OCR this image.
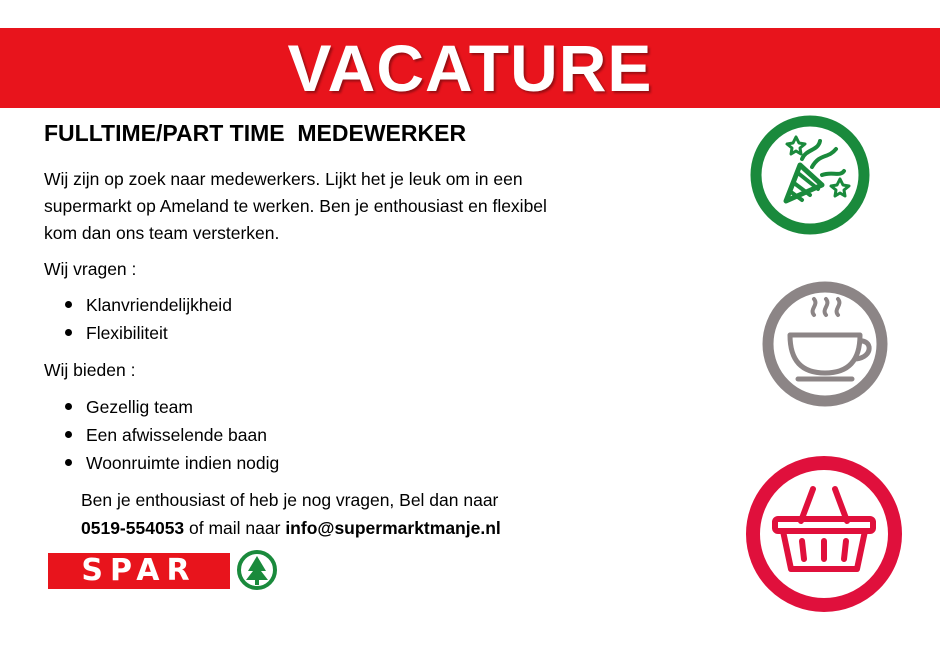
VACATURE
FULLTIME/PART TIME  MEDEWERKER
Wij zijn op zoek naar medewerkers. Lijkt het je leuk om in een supermarkt op Ameland te werken. Ben je enthousiast en flexibel kom dan ons team versterken.
Wij vragen :
Klanvriendelijkheid
Flexibiliteit
Wij bieden :
Gezellig team
Een afwisselende baan
Woonruimte indien nodig
Ben je enthousiast of heb je nog vragen, Bel dan naar
0519-554053 of mail naar info@supermarktmanje.nl
SPAR
